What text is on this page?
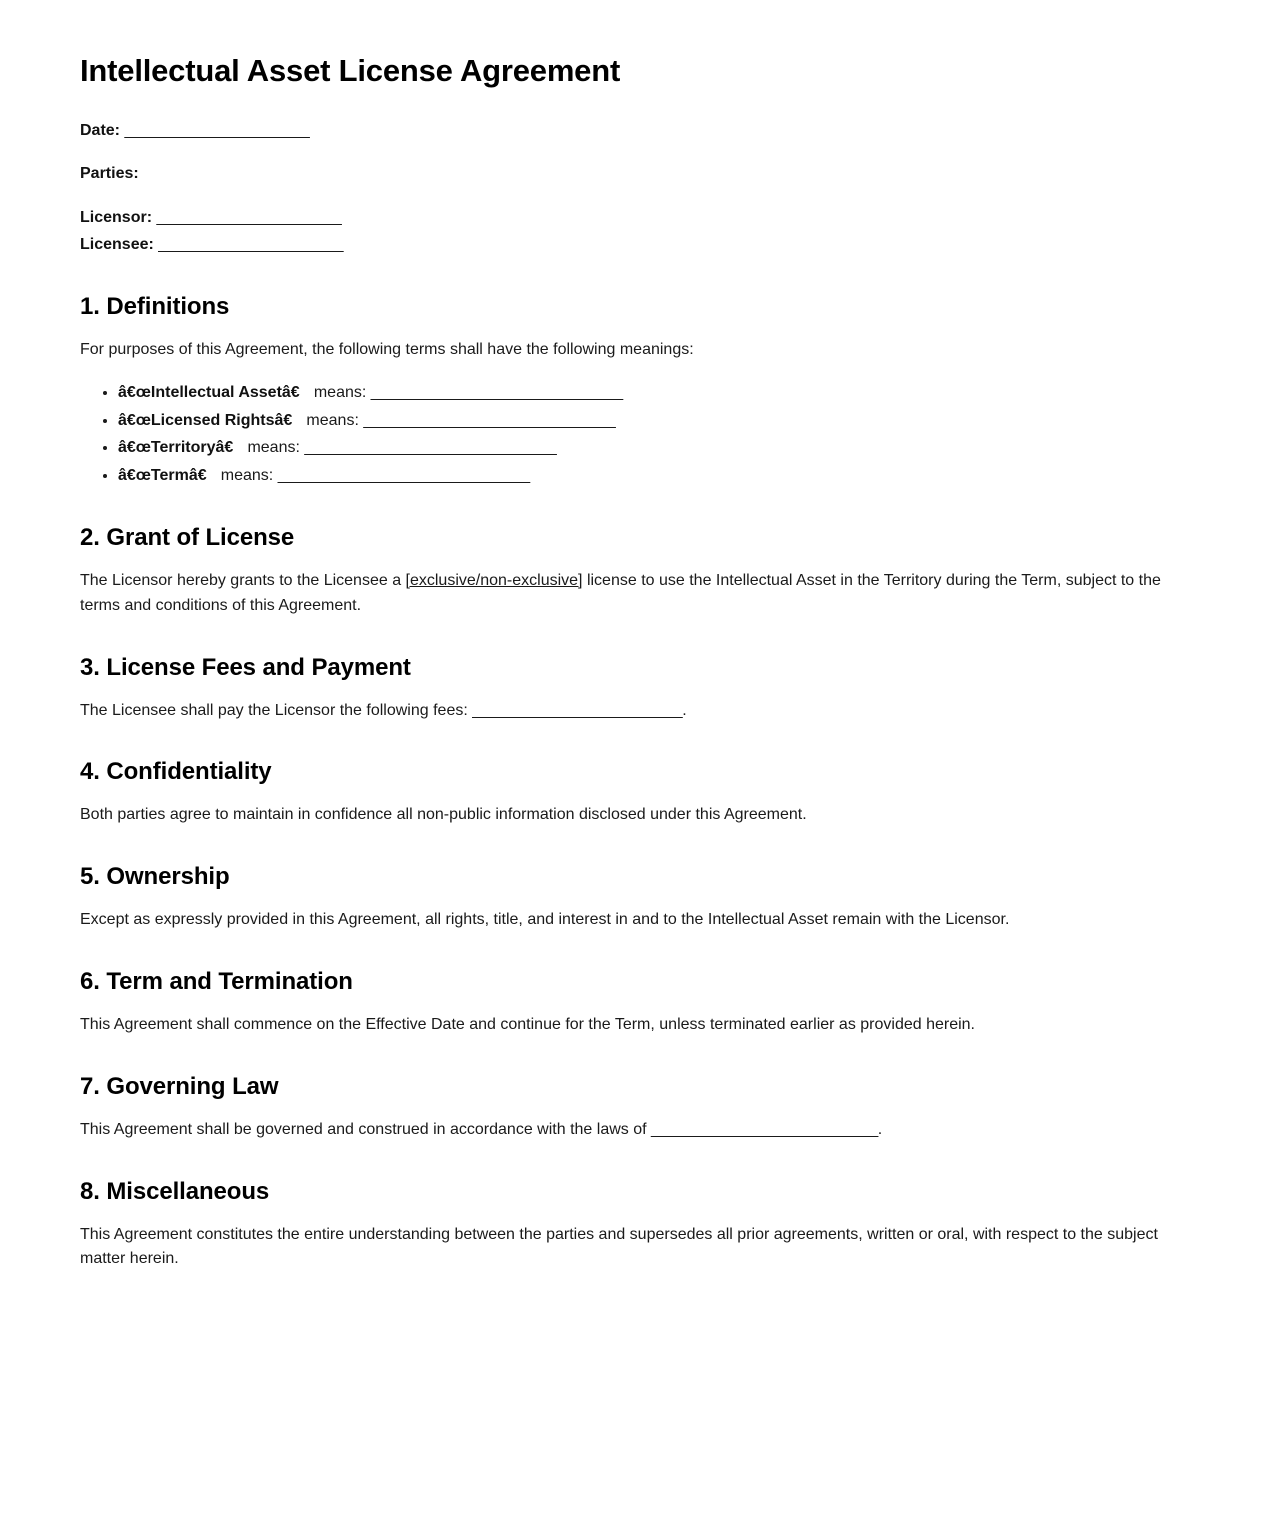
Intellectual Asset License Agreement

Date: ______________________

Parties:

Licensor: ______________________

Licensee: ______________________

1. Definitions

For purposes of this Agreement, the following terms shall have the following meanings:

• â€œIntellectual Assetâ€ means: ______________________________
• â€œLicensed Rightsâ€ means: ______________________________
• â€œTerritoryâ€ means: ______________________________
• â€œTermâ€ means: ______________________________
2. Grant of License

The Licensor hereby grants to the Licensee a [exclusive/non-exclusive] license to use the Intellectual Asset in the Territory during the Term, subject to the terms and conditions of this Agreement.

3. License Fees and Payment

The Licensee shall pay the Licensor the following fees: _________________________.

4. Confidentiality

Both parties agree to maintain in confidence all non-public information disclosed under this Agreement.

5. Ownership

Except as expressly provided in this Agreement, all rights, title, and interest in and to the Intellectual Asset remain with the Licensor.

6. Term and Termination

This Agreement shall commence on the Effective Date and continue for the Term, unless terminated earlier as provided herein.

7. Governing Law

This Agreement shall be governed and construed in accordance with the laws of ___________________________.

8. Miscellaneous

This Agreement constitutes the entire understanding between the parties and supersedes all prior agreements, written or oral, with respect to the subject matter herein.
